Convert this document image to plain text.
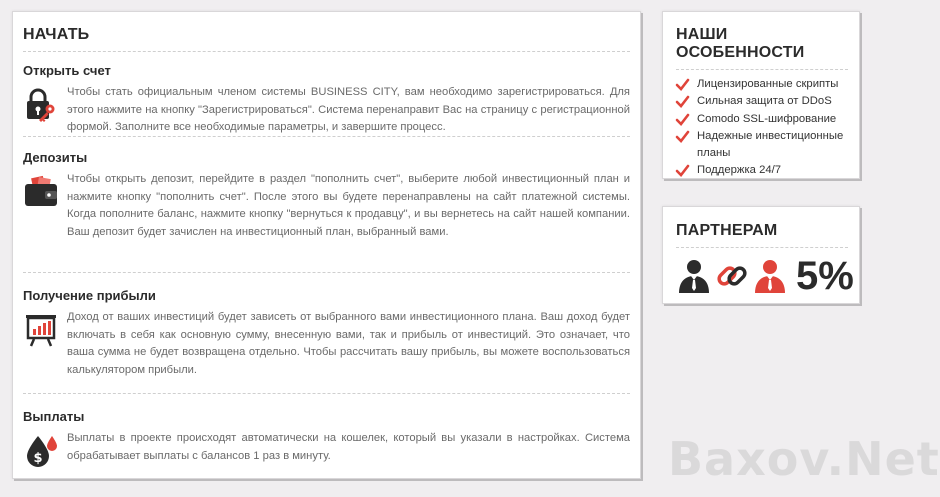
НАЧАТЬ
Открыть счет
Чтобы стать официальным членом системы BUSINESS CITY, вам необходимо зарегистрироваться. Для этого нажмите на кнопку "Зарегистрироваться". Система перенаправит Вас на страницу с регистрационной формой. Заполните все необходимые параметры, и завершите процесс.
Депозиты
Чтобы открыть депозит, перейдите в раздел "пополнить счет", выберите любой инвестиционный план и нажмите кнопку "пополнить счет". После этого вы будете перенаправлены на сайт платежной системы. Когда пополните баланс, нажмите кнопку "вернуться к продавцу", и вы вернетесь на сайт нашей компании. Ваш депозит будет зачислен на инвестиционный план, выбранный вами.
Получение прибыли
Доход от ваших инвестиций будет зависеть от выбранного вами инвестиционного плана. Ваш доход будет включать в себя как основную сумму, внесенную вами, так и прибыль от инвестиций. Это означает, что ваша сумма не будет возвращена отдельно. Чтобы рассчитать вашу прибыль, вы можете воспользоваться калькулятором прибыли.
Выплаты
$
Выплаты в проекте происходят автоматически на кошелек, который вы указали в настройках. Система обрабатывает выплаты с балансов 1 раз в минуту.
НАШИ ОСОБЕННОСТИ
Лицензированные скрипты
Сильная защита от DDoS
Comodo SSL-шифрование
Надежные инвестиционные планы
Поддержка 24/7
ПАРТНЕРАМ
5%
Baxov.Net
